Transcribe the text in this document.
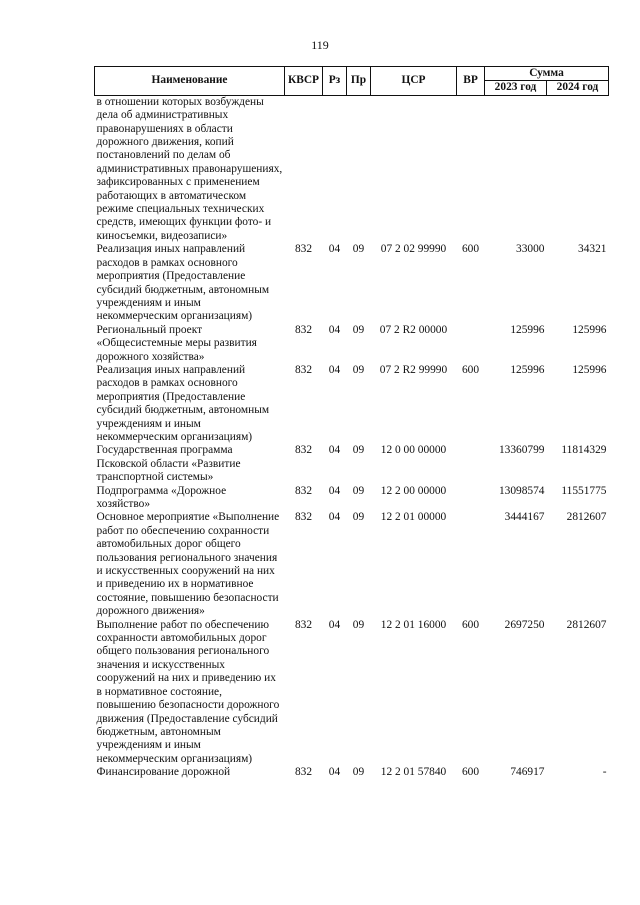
119
Наименование	КВСР	Рз	Пр	ЦСР	ВР	Сумма	
						2023 год	2024 год
в отношении которых возбуждены дела об административных правонарушениях в области дорожного движения, копий постановлений по делам об административных правонарушениях, зафиксированных с применением работающих в автоматическом режиме специальных технических средств, имеющих функции фото- и киносъемки, видеозаписи»							
Реализация иных направлений расходов в рамках основного мероприятия (Предоставление субсидий бюджетным, автономным учреждениям и иным некоммерческим организациям)	832	04	09	07 2 02 99990	600	33000	34321
Региональный проект «Общесистемные меры развития дорожного хозяйства»	832	04	09	07 2 R2 00000		125996	125996
Реализация иных направлений расходов в рамках основного мероприятия (Предоставление субсидий бюджетным, автономным учреждениям и иным некоммерческим организациям)	832	04	09	07 2 R2 99990	600	125996	125996
Государственная программа Псковской области «Развитие транспортной системы»	832	04	09	12 0 00 00000		13360799	11814329
Подпрограмма «Дорожное хозяйство»	832	04	09	12 2 00 00000		13098574	11551775
Основное мероприятие «Выполнение работ по обеспечению сохранности автомобильных дорог общего пользования регионального значения и искусственных сооружений на них и приведению их в нормативное состояние, повышению безопасности дорожного движения»	832	04	09	12 2 01 00000		3444167	2812607
Выполнение работ по обеспечению сохранности автомобильных дорог общего пользования регионального значения и искусственных сооружений на них и приведению их в нормативное состояние, повышению безопасности дорожного движения (Предоставление субсидий бюджетным, автономным учреждениям и иным некоммерческим организациям)	832	04	09	12 2 01 16000	600	2697250	2812607
Финансирование дорожной	832	04	09	12 2 01 57840	600	746917	-
